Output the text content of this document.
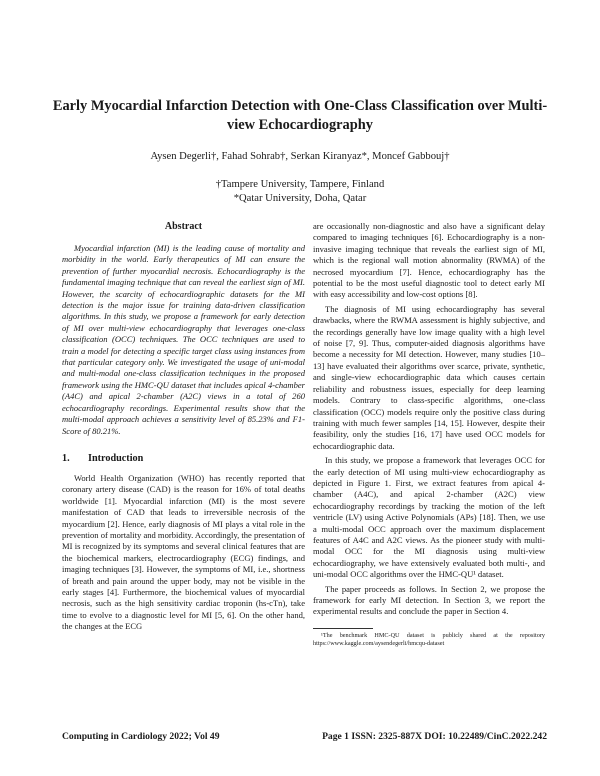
Early Myocardial Infarction Detection with One-Class Classification over Multi-view Echocardiography
Aysen Degerli†, Fahad Sohrab†, Serkan Kiranyaz*, Moncef Gabbouj†
†Tampere University, Tampere, Finland
*Qatar University, Doha, Qatar
Abstract

Myocardial infarction (MI) is the leading cause of mortality and morbidity in the world. Early therapeutics of MI can ensure the prevention of further myocardial necrosis. Echocardiography is the fundamental imaging technique that can reveal the earliest sign of MI. However, the scarcity of echocardiographic datasets for the MI detection is the major issue for training data-driven classification algorithms. In this study, we propose a framework for early detection of MI over multi-view echocardiography that leverages one-class classification (OCC) techniques. The OCC techniques are used to train a model for detecting a specific target class using instances from that particular category only. We investigated the usage of uni-modal and multi-modal one-class classification techniques in the proposed framework using the HMC-QU dataset that includes apical 4-chamber (A4C) and apical 2-chamber (A2C) views in a total of 260 echocardiography recordings. Experimental results show that the multi-modal approach achieves a sensitivity level of 85.23% and F1-Score of 80.21%.

1. Introduction

World Health Organization (WHO) has recently reported that coronary artery disease (CAD) is the reason for 16% of total deaths worldwide [1]. Myocardial infarction (MI) is the most severe manifestation of CAD that leads to irreversible necrosis of the myocardium [2]. Hence, early diagnosis of MI plays a vital role in the prevention of mortality and morbidity. Accordingly, the presentation of MI is recognized by its symptoms and several clinical features that are the biochemical markers, electrocardiography (ECG) findings, and imaging techniques [3]. However, the symptoms of MI, i.e., shortness of breath and pain around the upper body, may not be visible in the early stages [4]. Furthermore, the biochemical values of myocardial necrosis, such as the high sensitivity cardiac troponin (hs-cTn), take time to evolve to a diagnostic level for MI [5, 6]. On the other hand, the changes at the ECG

are occasionally non-diagnostic and also have a significant delay compared to imaging techniques [6]. Echocardiography is a non-invasive imaging technique that reveals the earliest sign of MI, which is the regional wall motion abnormality (RWMA) of the necrosed myocardium [7]. Hence, echocardiography has the potential to be the most useful diagnostic tool to detect early MI with easy accessibility and low-cost options [8].

The diagnosis of MI using echocardiography has several drawbacks, where the RWMA assessment is highly subjective, and the recordings generally have low image quality with a high level of noise [7, 9]. Thus, computer-aided diagnosis algorithms have become a necessity for MI detection. However, many studies [10–13] have evaluated their algorithms over scarce, private, synthetic, and single-view echocardiographic data which causes certain reliability and robustness issues, especially for deep learning models. Contrary to class-specific algorithms, one-class classification (OCC) models require only the positive class during training with much fewer samples [14, 15]. However, despite their feasibility, only the studies [16, 17] have used OCC models for echocardiographic data.

In this study, we propose a framework that leverages OCC for the early detection of MI using multi-view echocardiography as depicted in Figure 1. First, we extract features from apical 4-chamber (A4C), and apical 2-chamber (A2C) view echocardiography recordings by tracking the motion of the left ventricle (LV) using Active Polynomials (APs) [18]. Then, we use a multi-modal OCC approach over the maximum displacement features of A4C and A2C views. As the pioneer study with multi-modal OCC for the MI diagnosis using multi-view echocardiography, we have extensively evaluated both multi-, and uni-modal OCC algorithms over the HMC-QU¹ dataset.

The paper proceeds as follows. In Section 2, we propose the framework for early MI detection. In Section 3, we report the experimental results and conclude the paper in Section 4.

¹The benchmark HMC-QU dataset is publicly shared at the repository https://www.kaggle.com/aysendegerli/hmcqu-dataset

Computing in Cardiology 2022; Vol 49	Page 1 ISSN: 2325-887X DOI: 10.22489/CinC.2022.242
